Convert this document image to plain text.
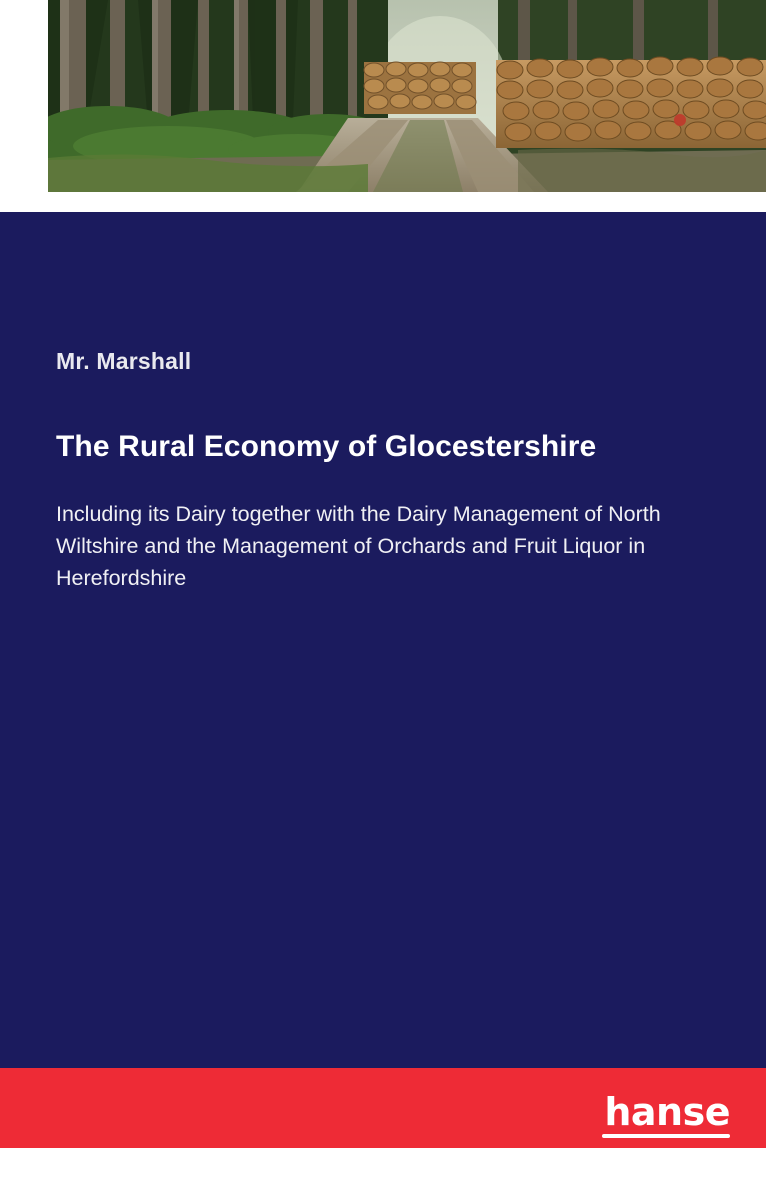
Mr. Marshall
The Rural Economy of Glocestershire
Including its Dairy together with the Dairy Management of North Wiltshire and the Management of Orchards and Fruit Liquor in Herefordshire
hanse
